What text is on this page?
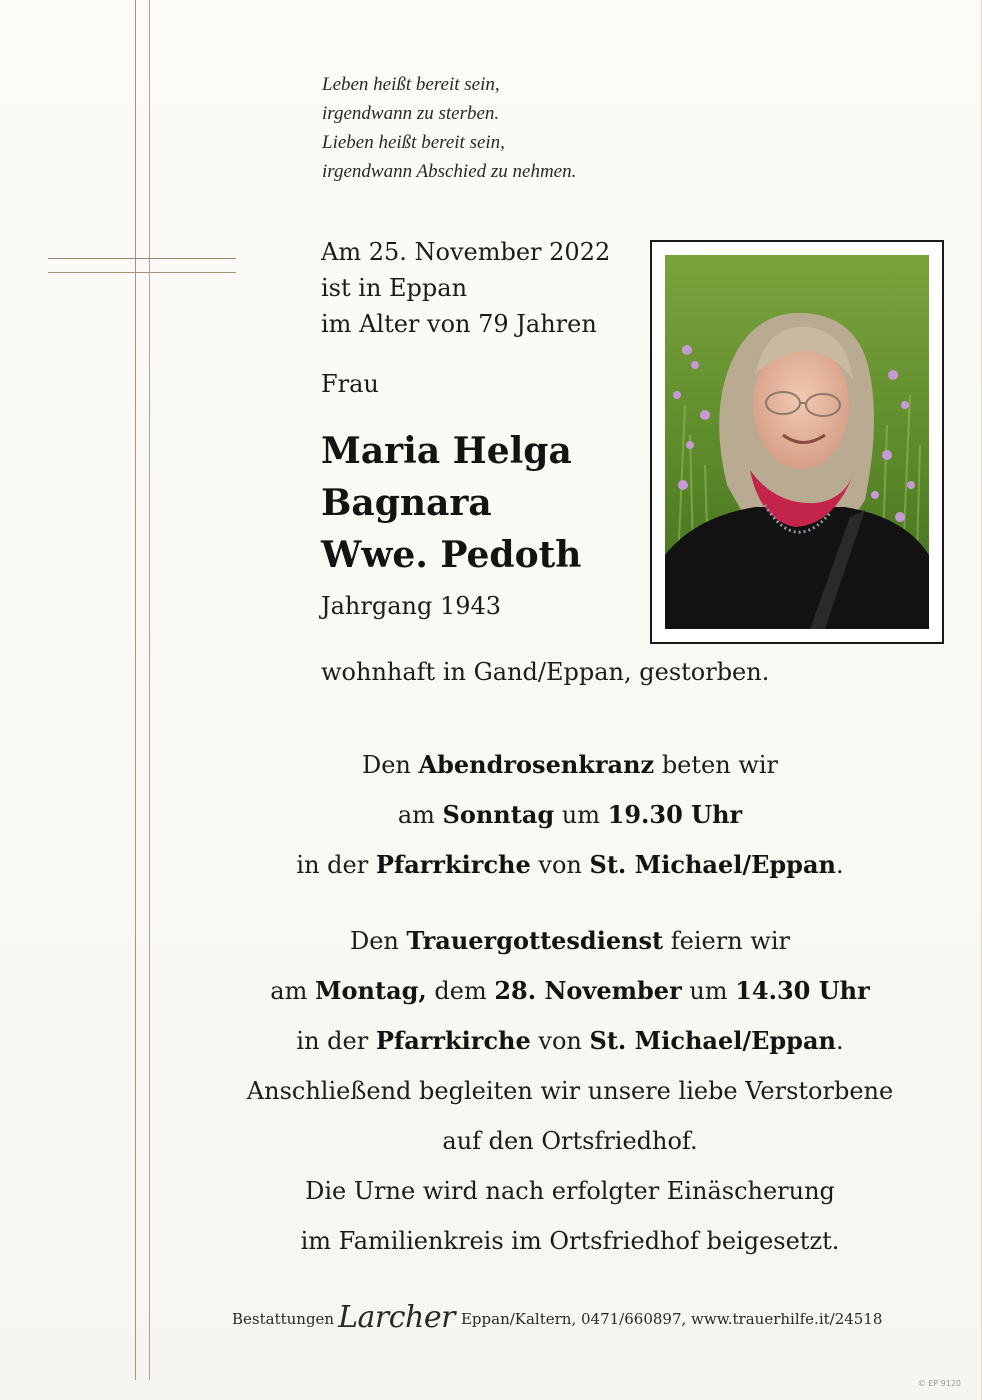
Leben heißt bereit sein,
irgendwann zu sterben.
Lieben heißt bereit sein,
irgendwann Abschied zu nehmen.
Am 25. November 2022
ist in Eppan
im Alter von 79 Jahren
Frau
Maria Helga
Bagnara
Wwe. Pedoth
Jahrgang 1943
wohnhaft in Gand/Eppan, gestorben.
Den Abendrosenkranz beten wir
am Sonntag um 19.30 Uhr
in der Pfarrkirche von St. Michael/Eppan.
Den Trauergottesdienst feiern wir
am Montag, dem 28. November um 14.30 Uhr
in der Pfarrkirche von St. Michael/Eppan.
Anschließend begleiten wir unsere liebe Verstorbene
auf den Ortsfriedhof.
Die Urne wird nach erfolgter Einäscherung
im Familienkreis im Ortsfriedhof beigesetzt.
Bestattungen Larcher Eppan/Kaltern, 0471/660897, www.trauerhilfe.it/24518
© EP 9120
